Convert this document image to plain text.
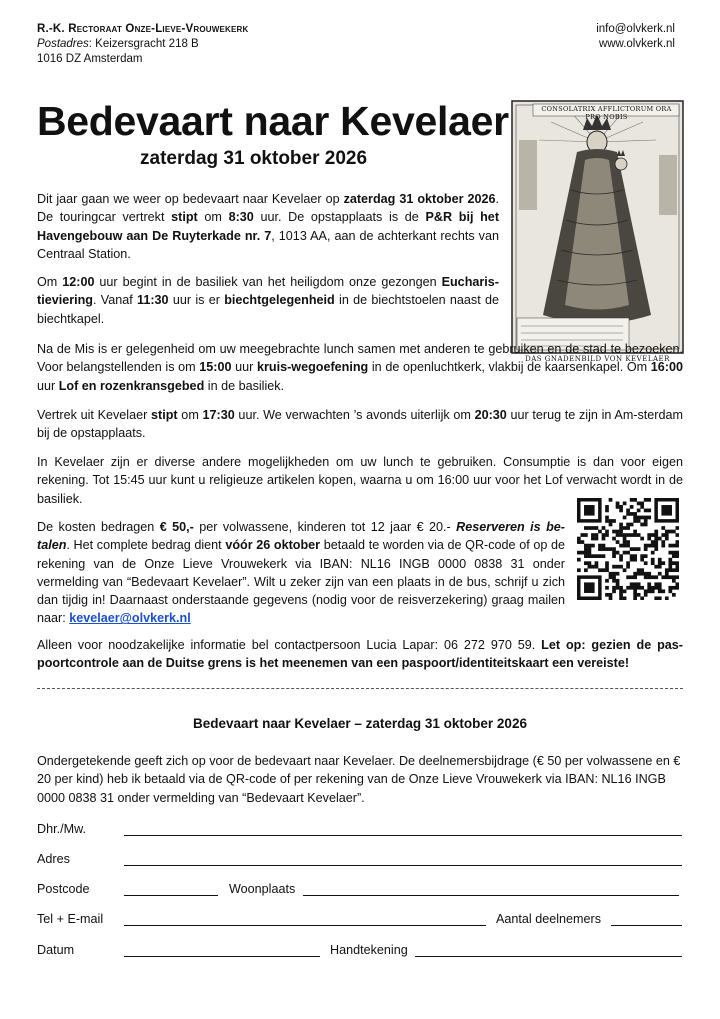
R.-K. Rectoraat Onze-Lieve-Vrouwekerk
Postadres: Keizersgracht 218 B
1016 DZ Amsterdam
info@olvkerk.nl
www.olvkerk.nl
Bedevaart naar Kevelaer
zaterdag 31 oktober 2026
CONSOLATRIX AFFLICTORUM ORA PRO NOBIS
DAS GNADENBILD VON KEVELAER

Dit jaar gaan we weer op bedevaart naar Kevelaer op zaterdag 31 oktober 2026. De touringcar vertrekt stipt om 8:30 uur. De opstapplaats is de P&R bij het Havengebouw aan De Ruyterkade nr. 7, 1013 AA, aan de achterkant rechts van Centraal Station.

Om 12:00 uur begint in de basiliek van het heiligdom onze gezongen Eucharis-tieviering. Vanaf 11:30 uur is er biechtgelegenheid in de biechtstoelen naast de biechtkapel.

Na de Mis is er gelegenheid om uw meegebrachte lunch samen met anderen te gebruiken en de stad te bezoeken. Voor belangstellenden is om 15:00 uur kruis-wegoefening in de openluchtkerk, vlakbij de kaarsenkapel. Om 16:00 uur Lof en rozenkransgebed in de basiliek.

Vertrek uit Kevelaer stipt om 17:30 uur. We verwachten ’s avonds uiterlijk om 20:30 uur terug te zijn in Am-sterdam bij de opstapplaats.

In Kevelaer zijn er diverse andere mogelijkheden om uw lunch te gebruiken. Consumptie is dan voor eigen rekening. Tot 15:45 uur kunt u religieuze artikelen kopen, waarna u om 16:00 uur voor het Lof verwacht wordt in de basiliek.

De kosten bedragen € 50,- per volwassene, kinderen tot 12 jaar € 20.- Reserveren is be-talen. Het complete bedrag dient vóór 26 oktober betaald te worden via de QR-code of op de rekening van de Onze Lieve Vrouwekerk via IBAN: NL16 INGB 0000 0838 31 onder vermelding van “Bedevaart Kevelaer”. Wilt u zeker zijn van een plaats in de bus, schrijf u zich dan tijdig in! Daarnaast onderstaande gegevens (nodig voor de reisverzekering) graag mailen naar: kevelaer@olvkerk.nl

Alleen voor noodzakelijke informatie bel contactpersoon Lucia Lapar: 06 272 970 59. Let op: gezien de pas-poortcontrole aan de Duitse grens is het meenemen van een paspoort/identiteitskaart een vereiste!

Bedevaart naar Kevelaer – zaterdag 31 oktober 2026

Ondergetekende geeft zich op voor de bedevaart naar Kevelaer. De deelnemersbijdrage (€ 50 per volwassene en € 20 per kind) heb ik betaald via de QR-code of per rekening van de Onze Lieve Vrouwekerk via IBAN: NL16 INGB 0000 0838 31 onder vermelding van “Bedevaart Kevelaer”.

Dhr./Mw.
Adres
Postcode	Woonplaats
Tel + E-mail	Aantal deelnemers
Datum	Handtekening
